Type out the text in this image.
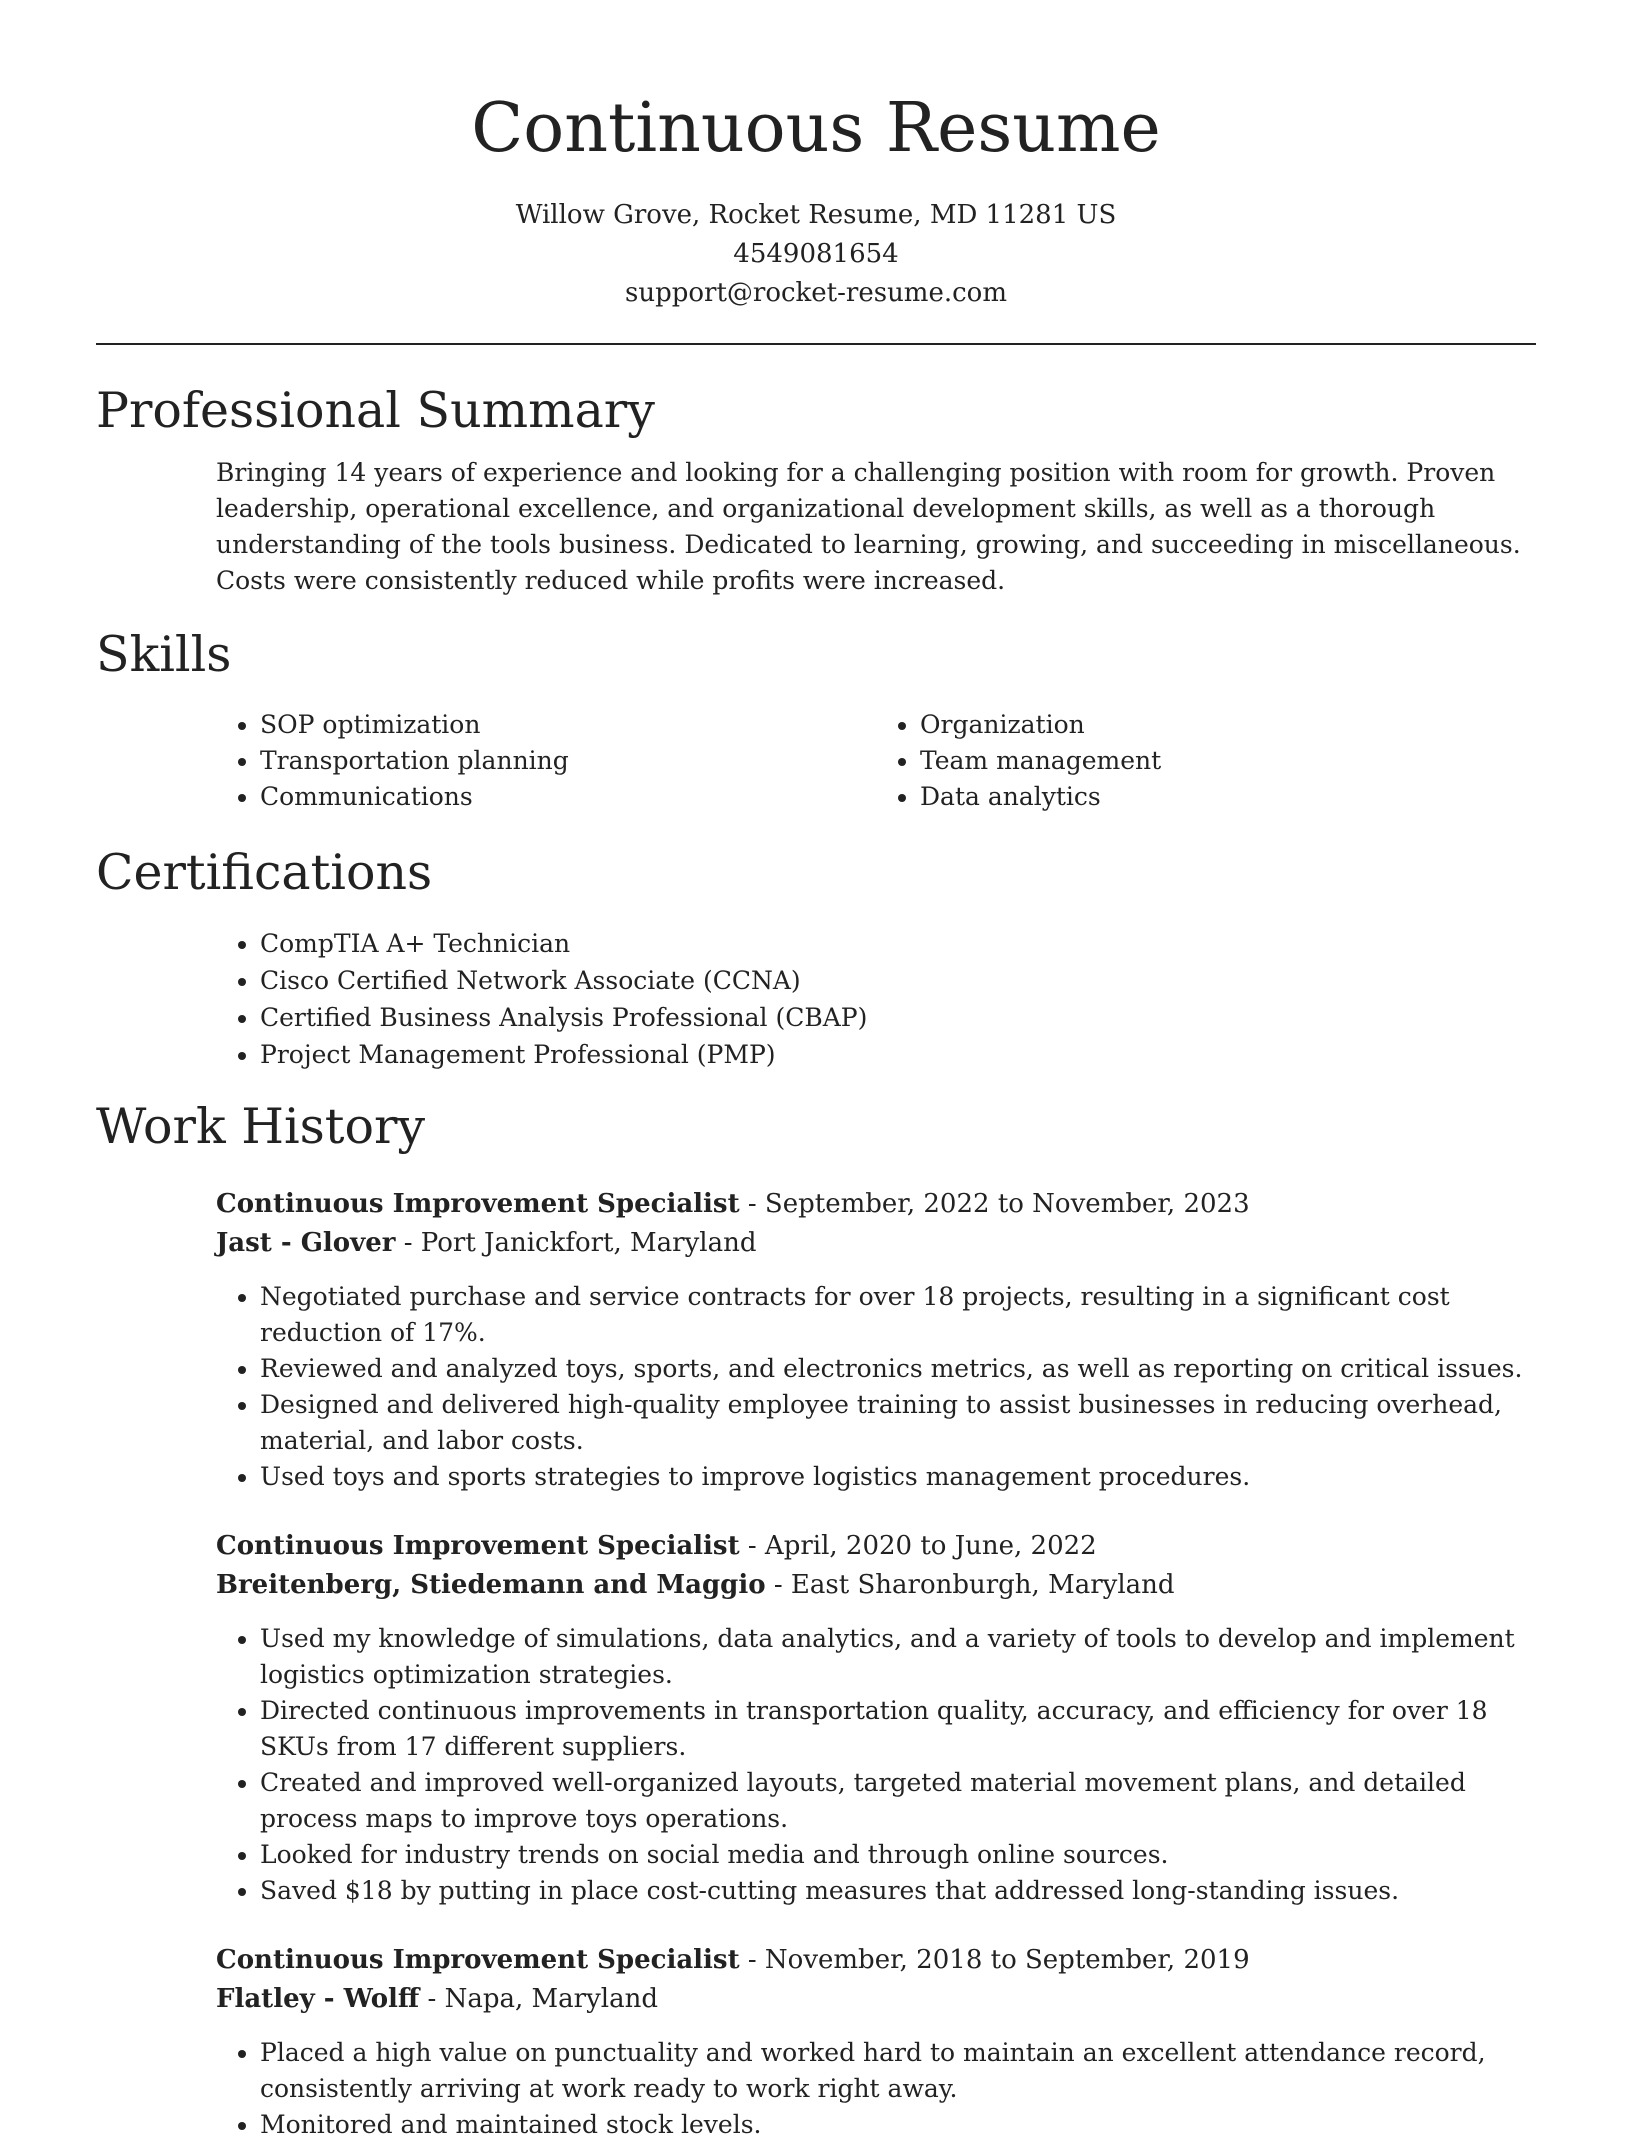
Continuous Resume
Willow Grove, Rocket Resume, MD 11281 US
4549081654
support@rocket-resume.com
Professional Summary

Bringing 14 years of experience and looking for a challenging position with room for growth. Proven leadership, operational excellence, and organizational development skills, as well as a thorough understanding of the tools business. Dedicated to learning, growing, and succeeding in miscellaneous. Costs were consistently reduced while profits were increased.

Skills
• SOP optimization
• Transportation planning
• Communications
• Organization
• Team management
• Data analytics
Certifications
• CompTIA A+ Technician
• Cisco Certified Network Associate (CCNA)
• Certified Business Analysis Professional (CBAP)
• Project Management Professional (PMP)
Work History
Continuous Improvement Specialist - September, 2022 to November, 2023
Jast - Glover - Port Janickfort, Maryland
• Negotiated purchase and service contracts for over 18 projects, resulting in a significant cost reduction of 17%.
• Reviewed and analyzed toys, sports, and electronics metrics, as well as reporting on critical issues.
• Designed and delivered high-quality employee training to assist businesses in reducing overhead, material, and labor costs.
• Used toys and sports strategies to improve logistics management procedures.
Continuous Improvement Specialist - April, 2020 to June, 2022
Breitenberg, Stiedemann and Maggio - East Sharonburgh, Maryland
• Used my knowledge of simulations, data analytics, and a variety of tools to develop and implement logistics optimization strategies.
• Directed continuous improvements in transportation quality, accuracy, and efficiency for over 18 SKUs from 17 different suppliers.
• Created and improved well-organized layouts, targeted material movement plans, and detailed process maps to improve toys operations.
• Looked for industry trends on social media and through online sources.
• Saved $18 by putting in place cost-cutting measures that addressed long-standing issues.
Continuous Improvement Specialist - November, 2018 to September, 2019
Flatley - Wolff - Napa, Maryland
• Placed a high value on punctuality and worked hard to maintain an excellent attendance record, consistently arriving at work ready to work right away.
• Monitored and maintained stock levels.
